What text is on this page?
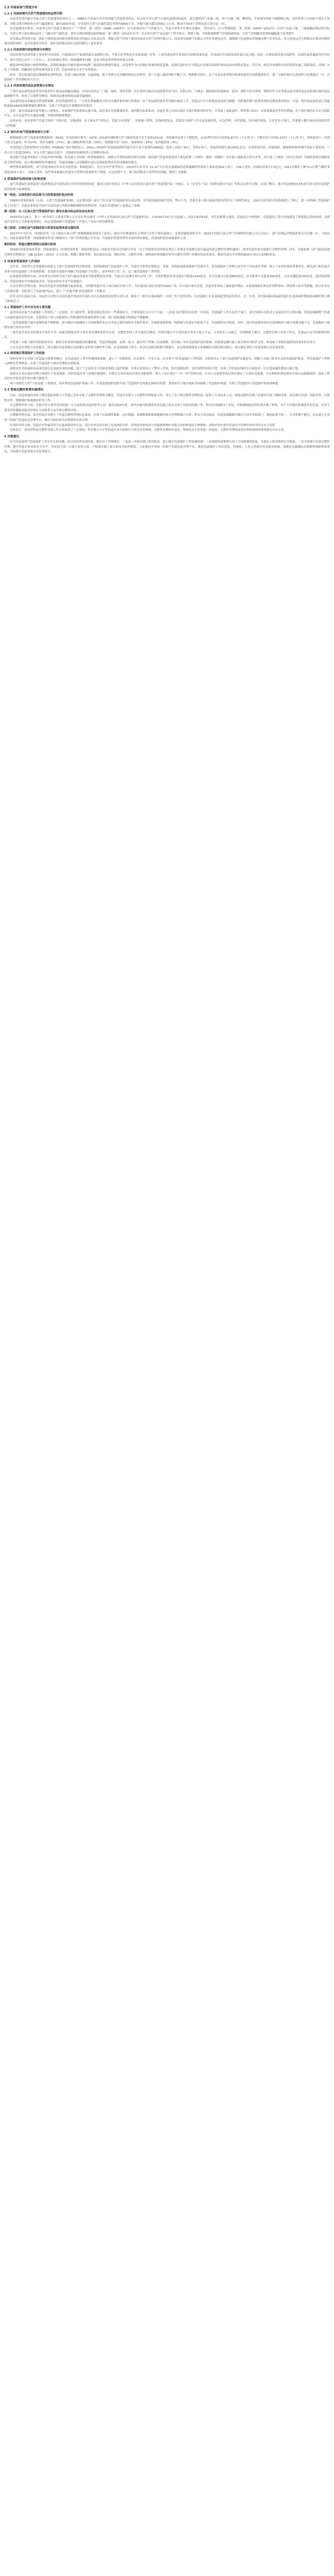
1.2 河南省油气管道分布
1.2.1 河南省境内天然气管道建设和运营历程

河南省是国内最早开始天然气管道建设的省份之一，1986年中原油田至开封的输气管道建成投运，标志着全省天然气长输管道建设的起步。此后随着西气东输一线、西气东输二线、榆济线、平泰线等国家干线相继过境，省内形成了以国家干线为主骨架、省级支线为网络的天然气输送格局。截至2020年底，全省境内天然气长输管道总里程约9000千米，年输气能力超过300亿立方米，覆盖全省18个省辖市及大部分县（市）。

从管道建设历程看，河南省天然气管道大致经历了三个阶段：第一阶段（1986—2003年）以中原油田自产气外输为主，管道主要集中在豫东北地区，管径较小、压力等级较低；第二阶段（2004—2012年）以西气东输一线、二线和榆济线过境为标志，全省天然气供应格局由单一气源向多气源转变，省内支线管网建设加快推进；第三阶段（2013年至今）以全省天然气“县县通”工程为重点，省级干线、支线和城镇燃气管网协调发展，天然气管网覆盖范围和输配能力显著提升。

在管道运营管理方面，国家干线管道由国家管网集团及其所属公司负责运营，省级天然气管网主要由河南省天然气管网有限公司、河南省发展燃气有限公司等企业建设运营，城镇燃气管道则由各地城市燃气企业负责。多元化的运营主体格局在推动管网快速发展的同时，也对管道安全监管、保护范围划定和应急协同提出了更高要求。

1.2.2 河南省境内原油管道分布情况

河南省境内原油管道主要承担中原油田、河南油田自产原油外输以及洛阳石化、中原石化等炼化企业原油进厂任务。主要管道包括中原油田至洛阳原油管道、河南油田至南阳原油管道以及日照—仪征—长岭原油管道河南段等。原油管道普遍建设年代较早，部分管段已运行三十年以上，存在防腐层老化、腐蚀减薄等问题，是安全隐患排查整治的重点对象。

随着国内原油进口量持续增加，沿海原油通过长输管道向内陆炼厂输送的比例逐年提高。河南省作为中原地区重要的炼化基地，原油管道的安全平稳运行直接关系到区域成品油市场供应稳定。近年来，相关企业陆续对老旧管段实施了更新改造，并推广应用了内检测、阴极保护远程监测等技术手段，管道本质安全水平有所提高。

此外，部分原油管道沿线城镇化进程较快，管道与城市规划、交通设施、地下管网交叉穿越的情况日益增多，第三方施工破坏风险不断上升。根据相关统计，近十年来河南省境内原油管道发生的泄漏事件中，第三方破坏和打孔盗油所占比例超过一半，管道保护工作仍面临较大压力。

1.2.3 河南省境内成品油管道分布情况

兰郑长成品油管道是贯穿河南省的主要成品油输送通道，自西向东经过三门峡、洛阳、郑州等地，并在郑州分输后向南延伸至驻马店、信阳方向，与湖北、湖南境内管道相连。此外，洛阳石化至郑州、洛阳至驻马店等成品油支线管道也承担着区域内成品油调配任务，形成了以郑州为枢纽、辐射周边地市的成品油管输网络。

成品油管道具有输送介质易燃易爆、挥发性强的特点，一旦发生泄漏极易引发火灾爆炸和环境污染事故。由于成品油管道多采用顺序输送工艺，管道运行压力和流量变化较为频繁，对泄漏监测与报警系统的灵敏度要求较高。目前，省内成品油管道已普遍配备SCADA系统和泄漏监测系统，实现了对管道运行参数的实时监控。

同时，部分成品油管道穿越人口密集区、水源保护区和重要交通干线，高后果区管段数量较多。按照相关标准要求，管道企业已对高后果区开展识别和风险评价，并采取了加密巡护、增设警示标识、安装视频监控等管控措施，但个别区域仍存在安全间距不足、占压管道等历史遗留问题，需要持续推进整治。

总体来看，河南省油气管道呈现出“干线过境、支线成网、多主体运营”的特点，管道分布范围广、穿跨越工程多、沿线环境复杂，管道安全保护工作涉及发展改革、应急管理、自然资源、住房城乡建设、公安等多个部门，需要建立健全协同高效的监管工作机制。

1.3 国内外油气管道事故统计分析

根据欧洲天然气管道事故数据组织（EGIG）发布的统计报告，1970—2019年间欧洲天然气输送管道共发生事故1411起，事故频率总体呈下降趋势，由20世纪70年代初的0.87次/（千公里·年）下降至近五年的0.13次/（千公里·年）。事故原因中，外部干扰占比最高，约为27%，其次为腐蚀（27%）、施工缺陷/材料失效（16%）、热插接失误（5%）、地面移动（16%）及其他原因（9%）。

美国管道与危险材料安全管理局（PHMSA）统计数据显示，2001—2020年美国危险液体管道共发生重大事故约2600起，造成人员死亡39人、受伤170人，直接经济损失超过60亿美元。从事故原因看，设备故障、腐蚀和材料/焊缝失效是主要原因，三者合计占比超过60%；而在天然气输送管道中，开挖破坏和腐蚀所占比例相对较高。

我国油气管道事故统计工作起步相对较晚，尚未建立全国统一的事故数据库。根据公开资料及相关研究成果，我国油气管道事故原因主要包括第三方破坏、腐蚀、误操作、设计施工缺陷及自然灾害等，其中第三方破坏（含打孔盗油）导致的事故比例明显高于欧美国家，这与我国城镇化快速推进、管道沿线施工活动频繁以及打孔盗油犯罪高发等因素密切相关。

典型事故案例表明，油气管道事故往往具有突发性强、影响范围大、次生灾害严重等特点。2013年山东青岛“11·22”中石化东黄输油管道泄漏爆炸特别重大事故造成62人死亡、136人受伤，直接经济损失7.5亿元；2021年湖北十堰“6·13”燃气爆炸事故造成25人死亡、138人受伤。这些事故暴露出管道安全管理中隐患排查不彻底、应急处置不当、部门监管职责不清等突出问题，教训十分深刻。

2 管道保护法律法规与标准体系

油气管道保护法律法规与标准体系是开展管道安全监管的重要依据。我国已初步形成以《中华人民共和国石油天然气管道保护法》为核心，以《安全生产法》《特种设备安全法》等相关法律为支撑，以部门规章、地方性法规和技术标准为补充的管道保护法律法规与标准体系。

第一阶段：以国务院行政法规为主的管道保护起步阶段

1989年国务院颁布《石油、天然气管道保护条例》，这是我国第一部专门针对油气管道保护的行政法规，对管道设施的保护范围、禁止行为、管道企业与地方政府的职责等作出了原则性规定。2001年国务院对该条例进行了修订，进一步明确了管道保护的主管部门、管道企业的安全责任以及管道与其他设施相遇时的处理原则，为此后管道保护立法奠定了基础。

第二阶段：以《石油天然气管道保护法》颁布实施为标志的法治化阶段

2010年6月25日，第十一届全国人大常委会第十五次会议审议通过《中华人民共和国石油天然气管道保护法》，自2010年10月1日起施行。该法共6章61条，对管道规划与建设、管道运行中的保护、管道建设工程与其他建设工程相遇关系的处理、法律责任等作出了全面系统的规定，标志着我国油气管道保护工作进入了有法可依的新阶段。

第三阶段：以深化油气体制改革为背景的监管体系完善阶段

2017年中共中央、国务院印发《关于深化石油天然气体制机制改革的若干意见》，提出分步推进国有大型油气企业干线管道独立，实现管输和销售分开。2019年国家石油天然气管网集团有限公司正式成立，油气管网运营机制改革迈出关键一步。与此同时，国家发展改革委、国家能源局等部门相继出台了油气管网设施公平开放、管道保护监督管理等方面的规章制度，管道保护监管体系逐步完善。

第四阶段：管道完整性管理全面推行阶段

2016年国家发展改革委、国家能源局、国务院国资委、国家质检总局、国家安全监管总局联合印发《关于贯彻落实国务院安委会工作要求全面推行油气输送管道完整性管理的通知》，要求管道企业全面推行完整性管理。同年，国家标准《油气输送管道完整性管理规范》（GB 32167—2015）正式实施，明确了数据采集、高后果区识别、风险评价、完整性评价、维修维护和效能评价等完整性管理六步循环的技术要求，推动管道安全管理由被动应对向主动预防转变。

3 河南省管道保护工作现状

近年来，河南省认真贯彻落实国家关于油气管道保护的决策部署，持续加强油气管道保护工作，管道安全形势总体稳定。省委、省政府高度重视油气管道安全，将管道保护工作纳入安全生产目标责任考核，建立了由省发展改革委牵头、相关部门和管道企业参与的管道保护工作协调机制，各省辖市也相应明确了管道保护主管部门，初步形成了省、市、县三级管道保护工作体系。

在隐患排查整治方面，河南省先后组织开展了油气输送管道安全隐患整治攻坚战、管道占压清理专项行动等工作，共排查整治各类管道安全隐患1200余处，其中管道占压隐患800余处、安全距离不足隐患300余处、交叉穿越隐患100余处。通过隐患整治，管道沿线安全环境明显改善，管道本质安全水平显著提升。

在高后果区管理方面，省内各管道企业按照相关标准要求，对所辖管道开展了高后果区识别工作，共识别高后果区管段约1500千米。针对高后果区管段，管道企业采取了加密巡护频次、安装视频监控和光纤预警系统、增设警示标识等措施，部分企业还与沿线乡镇、村组签订了管道保护协议，建立了“企地共建”的管道保护工作模式。

在打击打孔盗油方面，河南省公安机关会同管道企业持续开展打击打孔盗油违法犯罪专项行动，破获了一批打孔盗油案件，打掉了多个犯罪团伙，有效遏制了打孔盗油犯罪的高发势头。近三年来，省内原油和成品油管道打孔盗油案件数量较高峰时期下降了80%以上。

3.1 管道保护工作中存在的主要问题

虽然河南省油气管道保护工作取得了一定成效，但与新形势、新要求相比仍存在一些薄弱环节，主要表现在以下几个方面。一是部门监管职责有待进一步厘清。管道保护工作涉及多个部门，部分领域存在职责交叉或监管空白的问题，特别是城镇燃气管道与长输管道的监管边界、管道建设工程与其他建设工程相遇时的协调处理等方面，部门间协调配合机制还不够顺畅。

二是管道规划与城乡规划衔接不够紧密。部分地区在编制国土空间规划时未充分考虑已建管道的安全保护要求，导致新建建筑物、构筑物与管道安全距离不足，形成新的安全隐患。同时，部分管道建设项目在选线阶段与地方规划沟通不足，管道路由与城镇发展空间存在冲突。

三是管道企业安全管理水平参差不齐。国家管网集团等大型企业管理体系较为完善，完整性管理工作开展较为规范，但部分地方中小型管道企业安全投入不足、专业技术人员缺乏、管理制度不健全，完整性管理工作流于形式，管道运行安全风险相对较高。

四是第三方施工破坏风险依然突出。随着全省基础设施建设快速推进，管道沿线道路、水利、电力、通信等工程施工活动频繁，部分施工单位管道保护意识淡薄，未按规定履行施工报告和安全防护义务，野蛮施工导致管道损伤的事件时有发生。

五是应急处置能力有待提升。部分地区管道事故应急预案针对性和可操作性不强，应急演练流于形式，政企应急联动机制不够健全，应急物资储备和专业救援队伍建设相对滞后，难以满足重特大管道事故应急处置需要。

3.2 典型地区管道保护工作经验

郑州市作为全省油气管道最为密集的地区，在管道保护工作中积极探索创新，建立了“市级统筹、区县落实、企业主责、社会参与”的管道保护工作机制。市政府出台了油气管道保护实施意见，明确了各部门和各区县的管道保护职责，将管道保护工作纳入网格化管理体系，实现了管道巡护与城市管理的有效衔接。

洛阳市针对原油和成品油管道打孔盗油多发的问题，建立了公安机关与管道企业联合巡护机制，在重点管段设立了警务工作站，依托视频监控、光纤预警等技防手段，实现了对管道沿线的全天候监控，打孔盗油案件数量大幅下降。

南阳市在高后果区管理方面进行了有益探索，组织管道企业与沿线乡镇政府、村委会共同开展高后果区风险排查，建立了高后果区“一区一档”管理台账，针对人员密集型高后果区制定了专项应急预案，并定期组织周边群众开展应急疏散演练，提高了群众的安全防范意识和自救互救能力。

周口市依托天然气“县县通”工程建设，同步推进管道保护基础工作，在管道建设阶段即开展了管道保护范围划定和标识设置，建设单位与地方政府共同编制了管道保护规划，实现了管道建设与管道保护的统筹推进。

3.3 管道完整性管理实施情况

目前，河南省境内国家干线管道和省级主干管道已基本实现了完整性管理的全覆盖。管道企业建立了完整性管理体系文件，设立了专门的完整性管理机构，配备了专业技术人员，按照完整性管理六步循环开展了数据采集、高后果区识别、风险评价、完整性评价、维修维护和效能评价等工作。

在完整性评价方面，管道企业主要采用内检测、压力试验和直接评价等方法。截至2020年底，省内具备内检测条件的管道已基本完成了首轮内检测工作，检出各类缺陷3万余处，并根据缺陷评价结果实施了修复。对于不具备内检测条件的管道，企业主要采用外腐蚀直接评价和压力试验等方法开展完整性评价。

在数据管理方面，部分管道企业建立了管道完整性管理信息系统，实现了管道属性数据、运行数据、检测数据和维修数据的集中管理和统计分析。但从全省层面看，管道基础数据分散在不同企业和部门，数据标准不统一、共享机制不健全，尚未建立全省统一的油气管道信息管理平台，难以为政府监管决策提供有效支撑。

在风险评价方面，管道企业普遍采用半定量风险评价方法，部分企业尝试开展了定量风险评价。但风险评价结果与管道维修维护决策之间的衔接还不够紧密，风险评价在指导管道安全管理中的作用尚未充分发挥。

总体而言，河南省管道完整性管理工作已经取得了一定进展，但在地方中小型管道企业中的推行力度还有待加强，完整性管理的信息化、智能化水平还需进一步提高，完整性管理的成效评价和持续改进机制还有待完善。

4 对策建议

针对河南省油气管道保护工作中存在的问题，结合国内外先进经验，提出以下对策建议：一是进一步厘清部门监管职责，建立健全管道保护工作协调机制；二是加强管道规划与国土空间规划的衔接，从源头上防范新的安全隐患；三是全面推行管道完整性管理，提升管道企业本质安全水平；四是加大第三方施工监管力度，严格落实施工报告和安全防护制度；五是建设全省统一的油气管道信息管理平台，推进管道保护工作信息化、智能化；六是完善政企应急联动机制，加强应急救援队伍和物资保障体系建设，全面提升管道事故应急处置能力。
